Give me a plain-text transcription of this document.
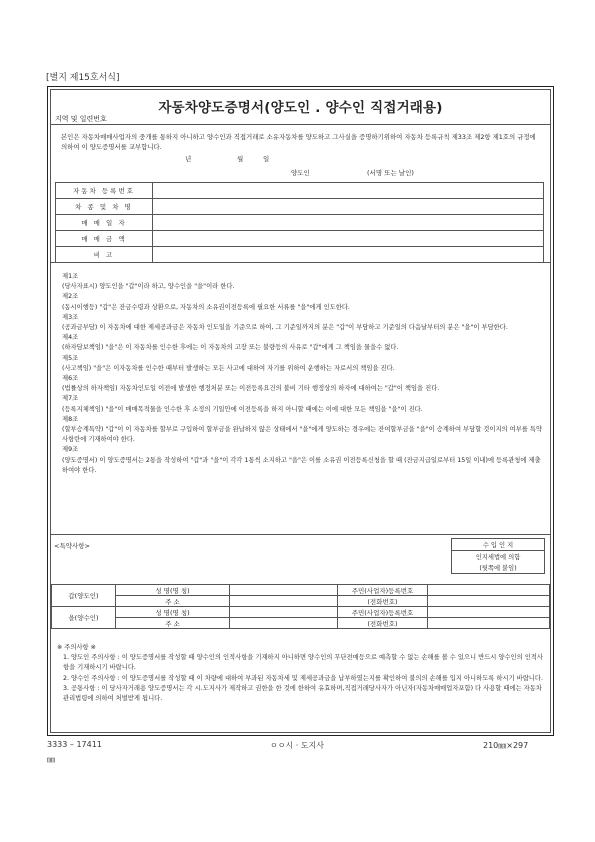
[별지 제15호서식]
자동차양도증명서(양도인 . 양수인 직접거래용)
지역 및 일련번호
본인은 자동차매매사업자의 중개를 통하지 아니하고 양수인과 직접거래로 소유자동차를 양도하고 그사실을 증명하기위하여 자동차 등록규칙 제33조 제2항 제1호의 규정에 의하여 이 양도증명서를 교부합니다.
년	월	일
양도인	(서명 또는 날인)
자동차 등록번호	
차 종 및 차 명	
매 매 일 자	
매 매 금 액	
비 고	
제1조
(당사자표시) 양도인을 "갑"이라 하고, 양수인을 "을"이라 한다.
제2조
(동시이행등) "갑"은 잔금수령과 상환으로, 자동차의 소유권이전등록에 필요한 서류를 "을"에게 인도한다.
제3조
(공과금부담) 이 자동차에 대한 제세공과금은 자동차 인도일을 기준으로 하여, 그 기준일까지의 분은 "갑"이 부담하고 기준일의 다음날부터의 분은 "을"이 부담한다.
제4조
(하자담보책임) "을"은 이 자동차를 인수한 후에는 이 자동차의 고장 또는 불량등의 사유로 "갑"에게 그 책임을 물을수 없다.
제5조
(사고책임) "을"은 이자동차를 인수한 때부터 발생하는 모든 사고에 대하여 자기를 위하여 운행하는 자로서의 책임을 진다.
제6조
(법률상의 하자책임) 자동차인도일 이전에 발생한 행정처분 또는 이전등록요건의 불비 기타 행정상의 하자에 대하여는 "갑"이 책임을 진다.
제7조
(등록지체책임) "을"이 매매목적물을 인수한 후 소정의 기일안에 이전등록을 하지 아니할 때에는 이에 대한 모든 책임을 "을"이 진다.
제8조
(할부승계특약) "갑"이 이 자동차를 할부로 구입하여 할부금을 완납하지 않은 상태에서 "을"에게 양도하는 경우에는 잔여할부금을 "을"이 승계하여 부담할 것이지의 여부를 특약사항란에 기재하여야 한다.
제9조
(양도증명서) 이 양도증명서는 2통을 작성하여 "갑"과 "을"이 각각 1통씩 소지하고 "을"은 이를 소유권 이전등록신청을 할 때 (잔금지급일로부터 15일 이내)에 등록관청에 제출하여야 한다.
<특약사항>	수 입 인 지
인지세법에 의함
(뒷쪽에 붙임)
갑(양도인)	성 명(명 칭)		주민(사업자)등록번호	
	주 소		(전화번호)	
을(양수인)	성 명(명 칭)		주민(사업자)등록번호	
	주 소		(전화번호)	
※ 주의사항 ※
1. 양도인 주의사항 : 이 양도증명서를 작성할 때 양수인의 인적사항을 기재하지 아니하면 양수인의 무단전매등으로 예측할 수 없는 손해를 볼 수 있으니 반드시 양수인의 인적사항을 기재하시기 바랍니다.
2. 양수인 주의사항 : 이 양도증명서를 작성할 때 이 차량에 대하여 부과된 자동차세 및 제세공과금을 납부하였는지를 확인하여 불의의 손해를 입지 아니하도록 하시기 바랍니다.
3. 공통사항 : 이 당사자거래용 양도증명서는 각 시.도지사가 제작하고 권한을 한 것에 한하여 유효하며,직접거래당사자가 아닌자(자동차매매업자포함) 다 사용할 때에는 자동차관리법령에 의하여 처벌받게 됩니다.
3333 – 17411	ㅇㅇ시 · 도지사	210㎜×297
㎜
